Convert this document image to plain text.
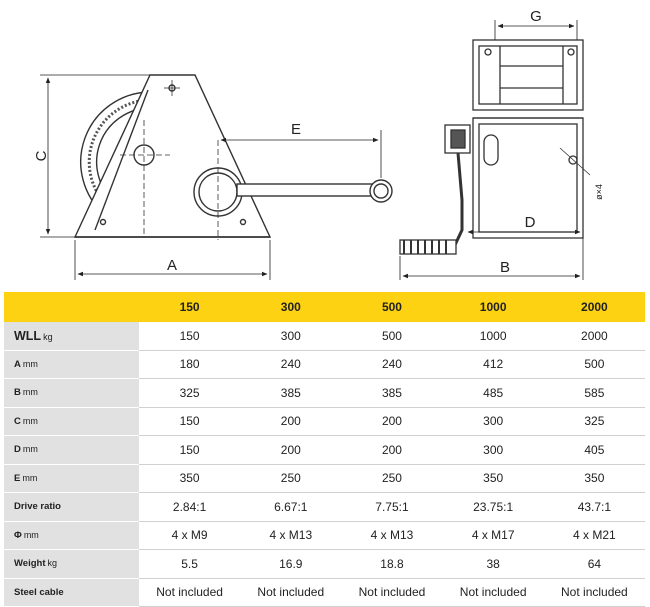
C
A
E
G
D
B
ø×4
	150	300	500	1000	2000
WLL kg	150	300	500	1000	2000
A mm	180	240	240	412	500
B mm	325	385	385	485	585
C mm	150	200	200	300	325
D mm	150	200	200	300	405
E mm	350	250	250	350	350
Drive ratio	2.84:1	6.67:1	7.75:1	23.75:1	43.7:1
Φ mm	4 x M9	4 x M13	4 x M13	4 x M17	4 x M21
Weight kg	5.5	16.9	18.8	38	64
Steel cable	Not included	Not included	Not included	Not included	Not included
